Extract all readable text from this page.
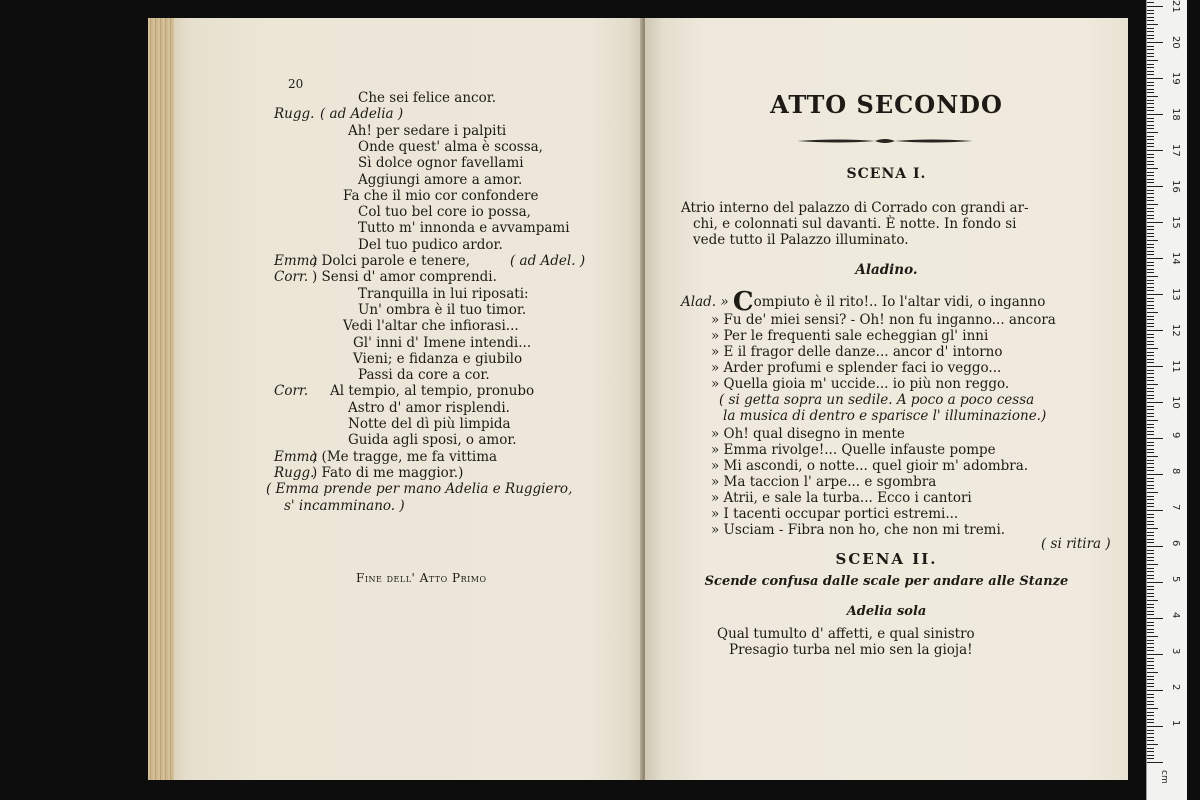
20
Che sei felice ancor.
Rugg. ( ad Adelia )
Ah! per sedare i palpiti
Onde quest' alma è scossa,
Sì dolce ognor favellami
Aggiungi amore a amor.
Fa che il mio cor confondere
Col tuo bel core io possa,
Tutto m' innonda e avvampami
Del tuo pudico ardor.
Emma
) Dolci parole e tenere,	( ad Adel. )
Corr. ) Sensi d' amor comprendi.
Tranquilla in lui riposati:
Un' ombra è il tuo timor.
Vedi l'altar che infiorasi...
Gl' inni d' Imene intendi...
Vieni; e fidanza e giubilo
Passi da core a cor.
Corr. Al tempio, al tempio, pronubo
Astro d' amor risplendi.
Notte del dì più limpida
Guida agli sposi, o amor.
Emma
) (Me tragge, me fa vittima
Rugg.
) Fato di me maggior.)
( Emma prende per mano Adelia e Ruggiero,
s' incamminano. )
Fine dell' Atto Primo
ATTO SECONDO
SCENA I.
Atrio interno del palazzo di Corrado con grandi ar-
chi, e colonnati sul davanti. È notte. In fondo si
vede tutto il Palazzo illuminato.
Aladino.
Alad. » Compiuto è il rito!.. Io l'altar vidi, o inganno
» Fu de' miei sensi? - Oh! non fu inganno... ancora
» Per le frequenti sale echeggian gl' inni
» E il fragor delle danze... ancor d' intorno
» Arder profumi e splender faci io veggo...
» Quella gioia m' uccide... io più non reggo.
( si getta sopra un sedile. A poco a poco cessa
la musica di dentro e sparisce l' illuminazione.)
» Oh! qual disegno in mente
» Emma rivolge!... Quelle infauste pompe
» Mi ascondi, o notte... quel gioir m' adombra.
» Ma taccion l' arpe... e sgombra
» Atrii, e sale la turba... Ecco i cantori
» I tacenti occupar portici estremi...
» Usciam - Fibra non ho, che non mi tremi.
( si ritira )
SCENA II.
Scende confusa dalle scale per andare alle Stanze
Adelia sola
Qual tumulto d' affetti, e qual sinistro
Presagio turba nel mio sen la gioja!
cm
1
2
3
4
5
6
7
8
9
10
11
12
13
14
15
16
17
18
19
20
21
